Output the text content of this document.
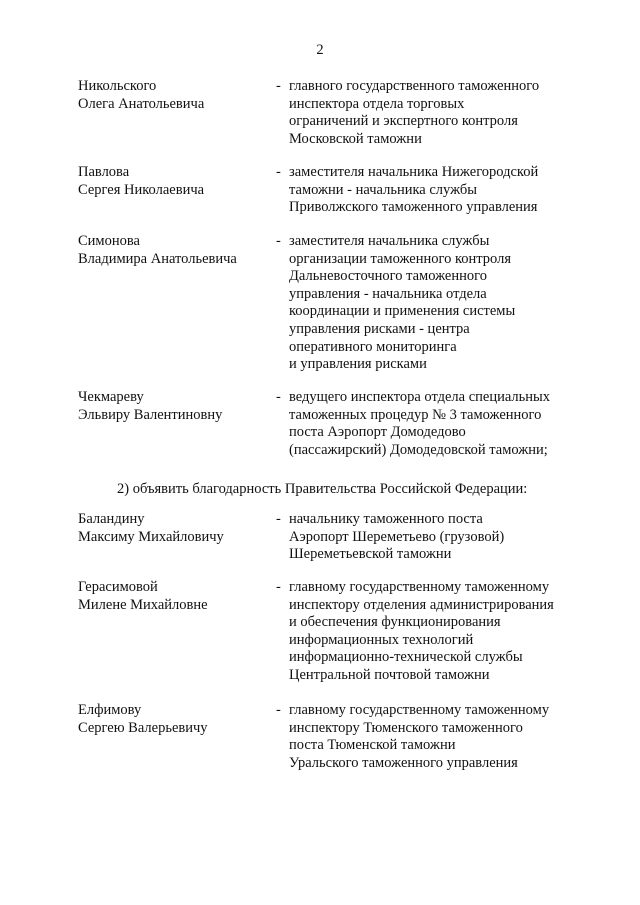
2
Никольского
Олега Анатольевича
- главного государственного таможенного
инспектора отдела торговых
ограничений и экспертного контроля
Московской таможни
Павлова
Сергея Николаевича
- заместителя начальника Нижегородской
таможни - начальника службы
Приволжского таможенного управления
Симонова
Владимира Анатольевича
- заместителя начальника службы
организации таможенного контроля
Дальневосточного таможенного
управления - начальника отдела
координации и применения системы
управления рисками - центра
оперативного мониторинга
и управления рисками
Чекмареву
Эльвиру Валентиновну
- ведущего инспектора отдела специальных
таможенных процедур № 3 таможенного
поста Аэропорт Домодедово
(пассажирский) Домодедовской таможни;
2) объявить благодарность Правительства Российской Федерации:
Баландину
Максиму Михайловичу
- начальнику таможенного поста
Аэропорт Шереметьево (грузовой)
Шереметьевской таможни
Герасимовой
Милене Михайловне
- главному государственному таможенному
инспектору отделения администрирования
и обеспечения функционирования
информационных технологий
информационно-технической службы
Центральной почтовой таможни
Елфимову
Сергею Валерьевичу
- главному государственному таможенному
инспектору Тюменского таможенного
поста Тюменской таможни
Уральского таможенного управления
